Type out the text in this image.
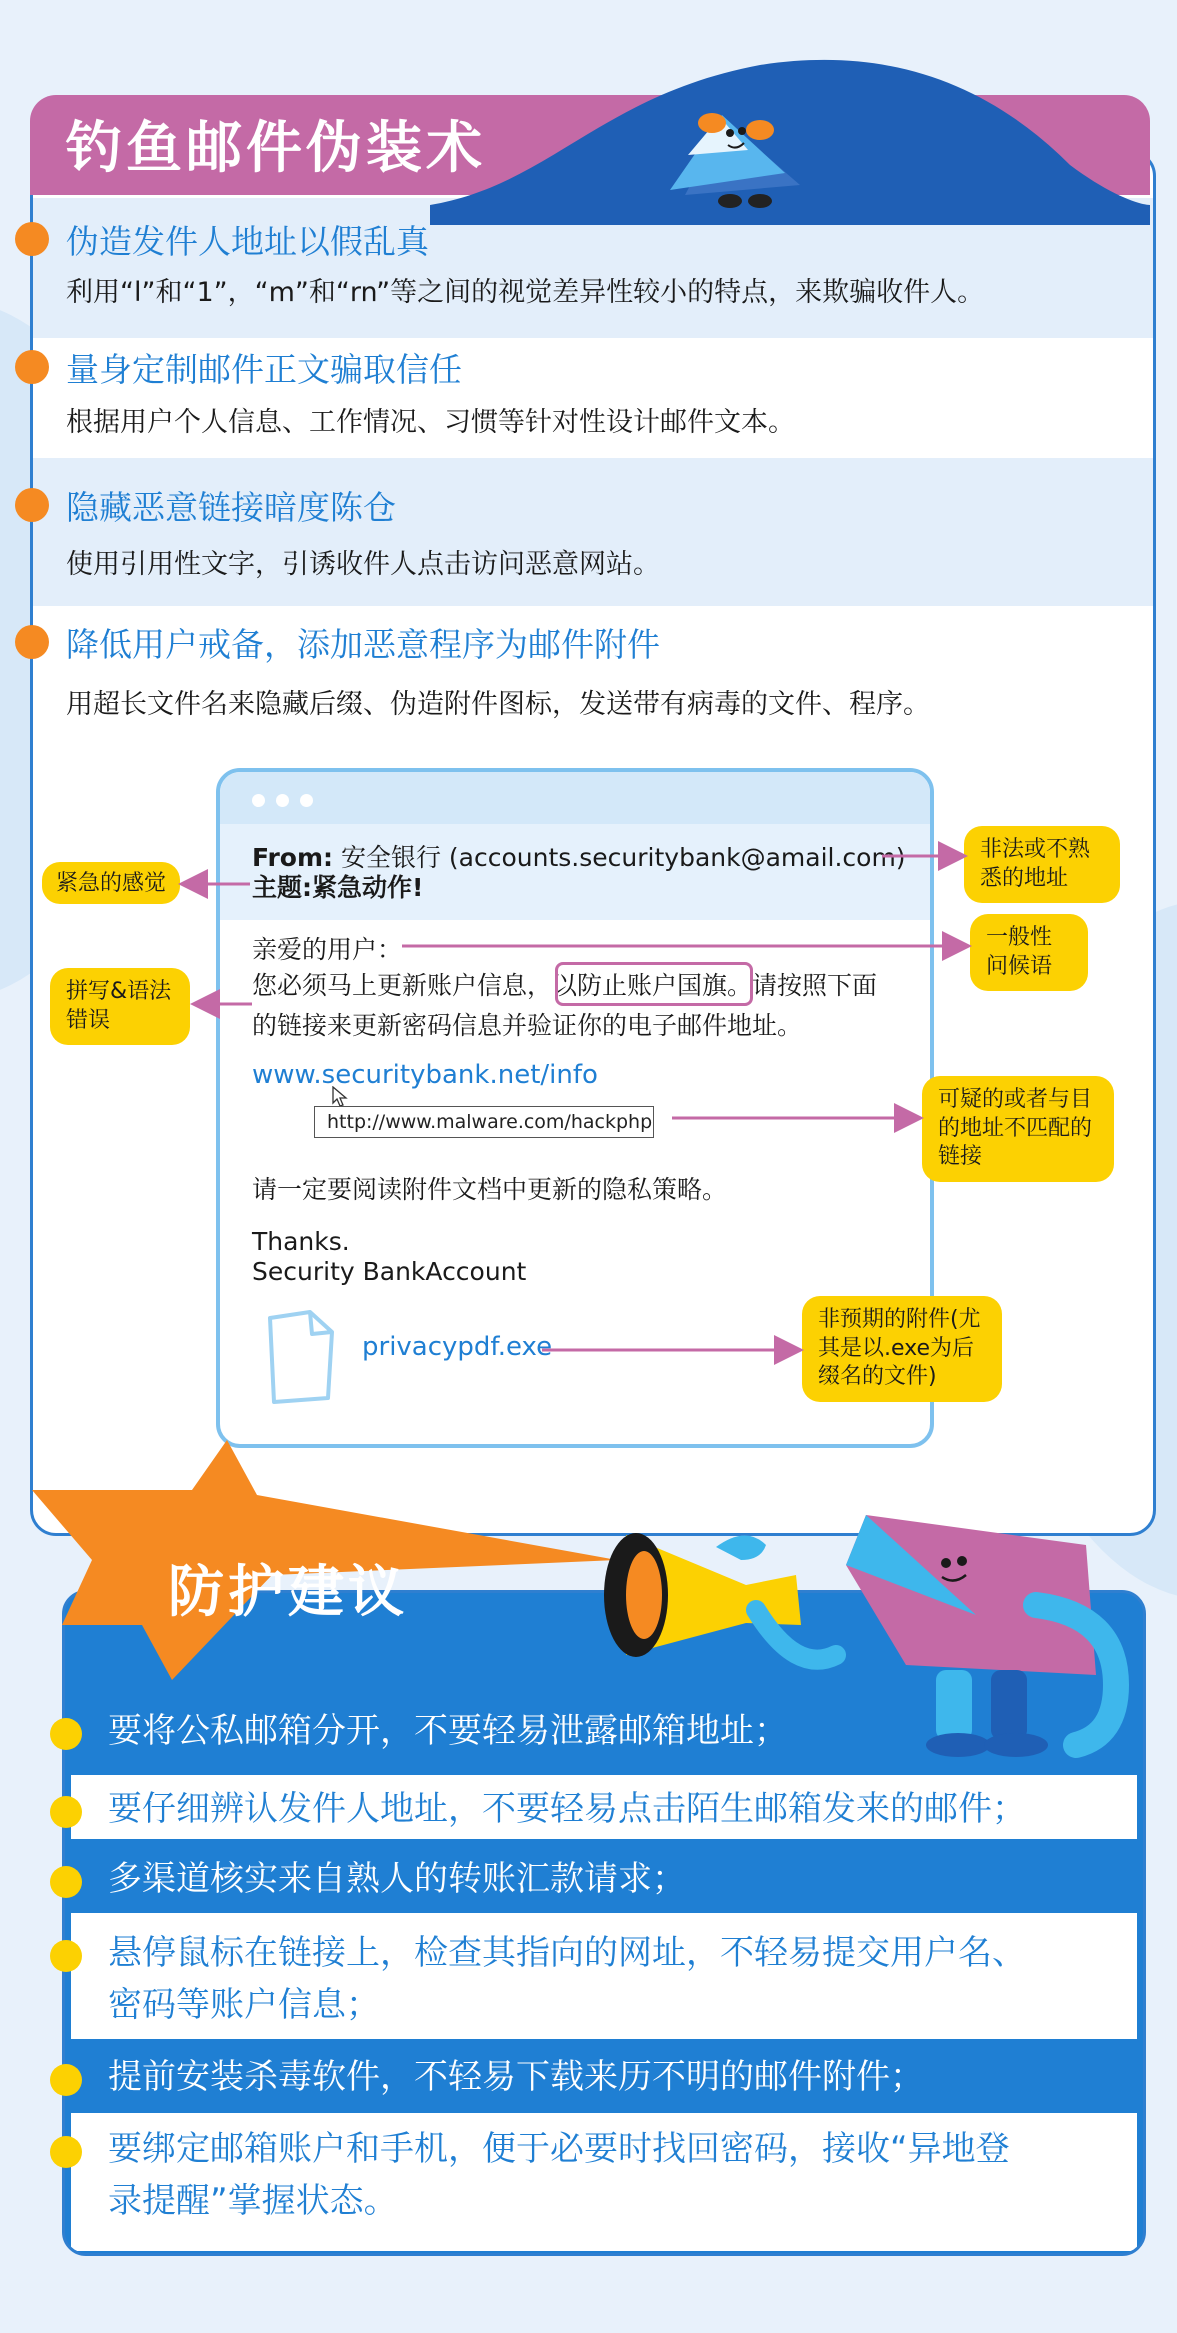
钓鱼邮件伪装术
伪造发件人地址以假乱真
利用“l”和“1”，“m”和“rn”等之间的视觉差异性较小的特点，来欺骗收件人。
量身定制邮件正文骗取信任
根据用户个人信息、工作情况、习惯等针对性设计邮件文本。
隐藏恶意链接暗度陈仓
使用引用性文字，引诱收件人点击访问恶意网站。
降低用户戒备，添加恶意程序为邮件附件
用超长文件名来隐藏后缀、伪造附件图标，发送带有病毒的文件、程序。
From: 安全银行 (accounts.securitybank@amail.com)
主题:紧急动作!
亲爱的用户：
您必须马上更新账户信息，以防止账户国旗。请按照下面
的链接来更新密码信息并验证你的电子邮件地址。
www.securitybank.net/info
http://www.malware.com/hackphp
请一定要阅读附件文档中更新的隐私策略。
Thanks.
Security BankAccount
privacypdf.exe
非法或不熟悉的地址
紧急的感觉
一般性问候语
拼写&语法错误
可疑的或者与目的地址不匹配的链接
非预期的附件(尤其是以.exe为后缀名的文件)
防护建议
要将公私邮箱分开，不要轻易泄露邮箱地址；
要仔细辨认发件人地址，不要轻易点击陌生邮箱发来的邮件；
多渠道核实来自熟人的转账汇款请求；
悬停鼠标在链接上，检查其指向的网址，不轻易提交用户名、
密码等账户信息；
提前安装杀毒软件，不轻易下载来历不明的邮件附件；
要绑定邮箱账户和手机，便于必要时找回密码，接收“异地登
录提醒”掌握状态。
